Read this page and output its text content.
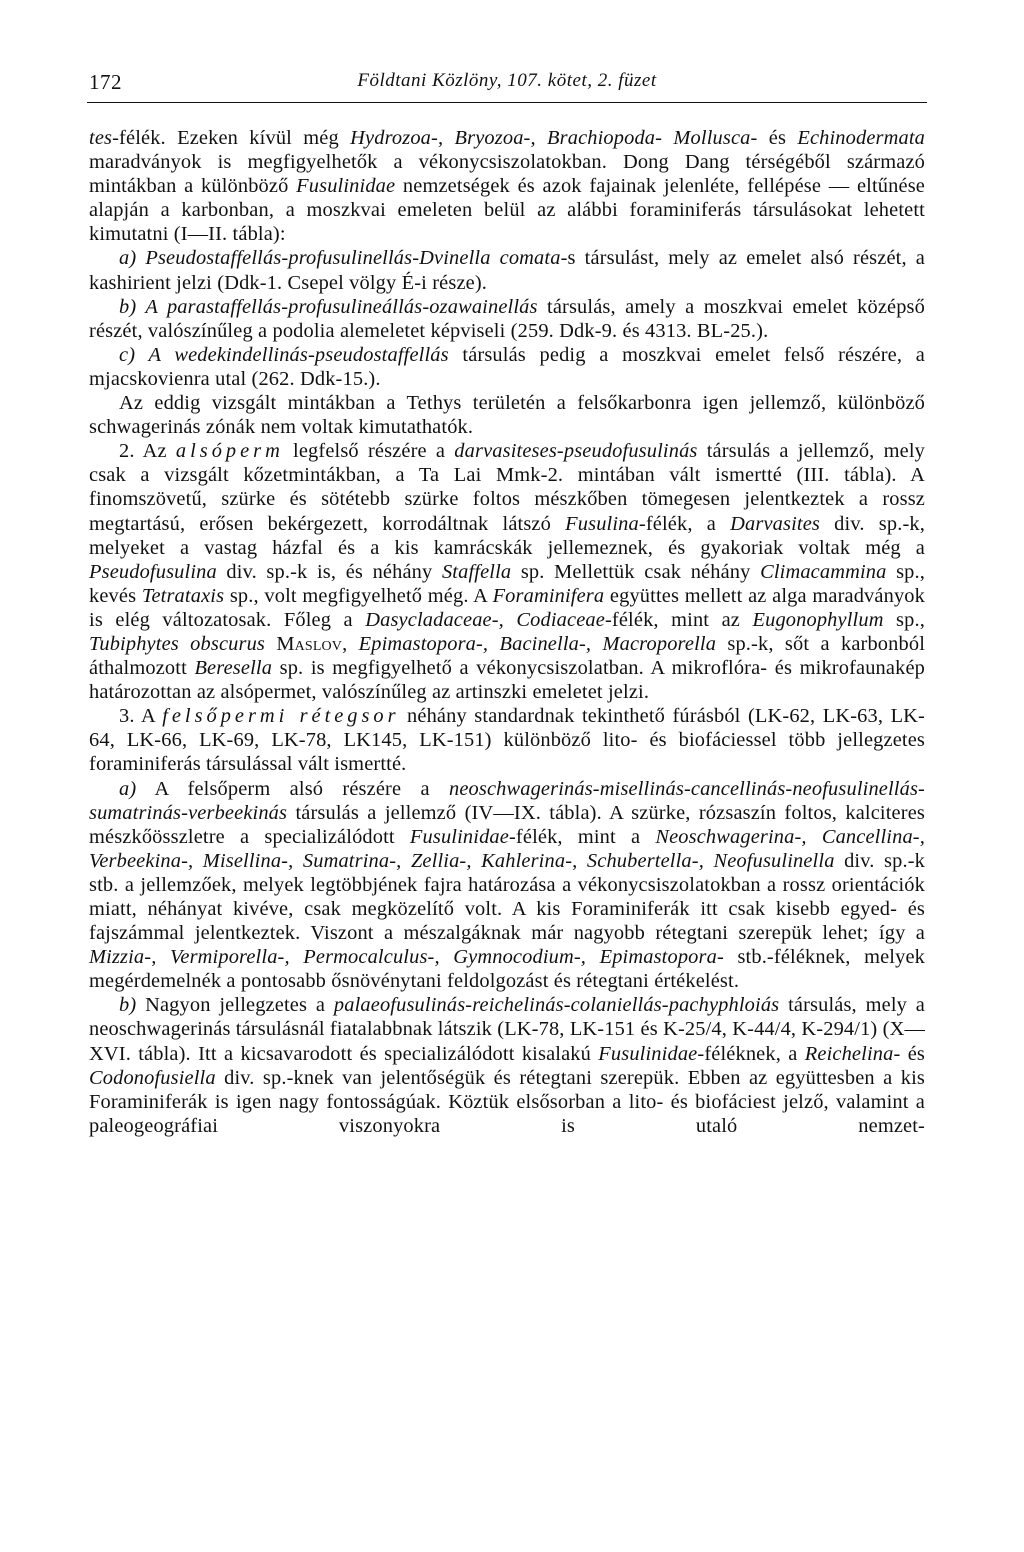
172	Földtani Közlöny, 107. kötet, 2. füzet

tes-félék. Ezeken kívül még Hydrozoa-, Bryozoa-, Brachiopoda- Mollusca- és Echinodermata maradványok is megfigyelhetők a vékonycsiszolatokban. Dong Dang térségéből származó mintákban a különböző Fusulinidae nemzetségek és azok fajainak jelenléte, fellépése — eltűnése alapján a karbonban, a moszkvai emeleten belül az alábbi foraminiferás társulásokat lehetett kimutatni (I—II. tábla):

a) Pseudostaffellás-profusulinellás-Dvinella comata-s társulást, mely az emelet alsó részét, a kashirient jelzi (Ddk-1. Csepel völgy É-i része).

b) A parastaffellás-profusulineállás-ozawainellás társulás, amely a moszkvai emelet középső részét, valószínűleg a podolia alemeletet képviseli (259. Ddk-9. és 4313. BL-25.).

c) A wedekindellinás-pseudostaffellás társulás pedig a moszkvai emelet felső részére, a mjacskovienra utal (262. Ddk-15.).

Az eddig vizsgált mintákban a Tethys területén a felsőkarbonra igen jellemző, különböző schwagerinás zónák nem voltak kimutathatók.

2. Az alsóperm legfelső részére a darvasiteses-pseudofusulinás társulás a jellemző, mely csak a vizsgált kőzetmintákban, a Ta Lai Mmk-2. mintában vált ismertté (III. tábla). A finomszövetű, szürke és sötétebb szürke foltos mészkőben tömegesen jelentkeztek a rossz megtartású, erősen bekérgezett, korrodáltnak látszó Fusulina-félék, a Darvasites div. sp.-k, melyeket a vastag házfal és a kis kamrácskák jellemeznek, és gyakoriak voltak még a Pseudofusulina div. sp.-k is, és néhány Staffella sp. Mellettük csak néhány Climacammina sp., kevés Tetrataxis sp., volt megfigyelhető még. A Foraminifera együttes mellett az alga maradványok is elég változatosak. Főleg a Dasycladaceae-, Codiaceae-félék, mint az Eugonophyllum sp., Tubiphytes obscurus Maslov, Epimastopora-, Bacinella-, Macroporella sp.-k, sőt a karbonból áthalmozott Beresella sp. is megfigyelhető a vékonycsiszolatban. A mikroflóra- és mikrofaunakép határozottan az alsópermet, valószínűleg az artinszki emeletet jelzi.

3. A felsőpermi rétegsor néhány standardnak tekinthető fúrásból (LK-62, LK-63, LK-64, LK-66, LK-69, LK-78, LK145, LK-151) különböző lito- és biofáciessel több jellegzetes foraminiferás társulással vált ismertté.

a) A felsőperm alsó részére a neoschwagerinás-misellinás-cancellinás-neofusulinellás-sumatrinás-verbeekinás társulás a jellemző (IV—IX. tábla). A szürke, rózsaszín foltos, kalciteres mészkőösszletre a specializálódott Fusulinidae-félék, mint a Neoschwagerina-, Cancellina-, Verbeekina-, Misellina-, Sumatrina-, Zellia-, Kahlerina-, Schubertella-, Neofusulinella div. sp.-k stb. a jellemzőek, melyek legtöbbjének fajra határozása a vékonycsiszolatokban a rossz orientációk miatt, néhányat kivéve, csak megközelítő volt. A kis Foraminiferák itt csak kisebb egyed- és fajszámmal jelentkeztek. Viszont a mészalgáknak már nagyobb rétegtani szerepük lehet; így a Mizzia-, Vermiporella-, Permocalculus-, Gymnocodium-, Epimastopora- stb.-féléknek, melyek megérdemelnék a pontosabb ősnövénytani feldolgozást és rétegtani értékelést.

b) Nagyon jellegzetes a palaeofusulinás-reichelinás-colaniellás-pachyphloiás társulás, mely a neoschwagerinás társulásnál fiatalabbnak látszik (LK-78, LK-151 és K-25/4, K-44/4, K-294/1) (X—XVI. tábla). Itt a kicsavarodott és specializálódott kisalakú Fusulinidae-féléknek, a Reichelina- és Codonofusiella div. sp.-knek van jelentőségük és rétegtani szerepük. Ebben az együttesben a kis Foraminiferák is igen nagy fontosságúak. Köztük elsősorban a lito- és biofáciest jelző, valamint a paleogeográfiai viszonyokra is utaló nemzet-
